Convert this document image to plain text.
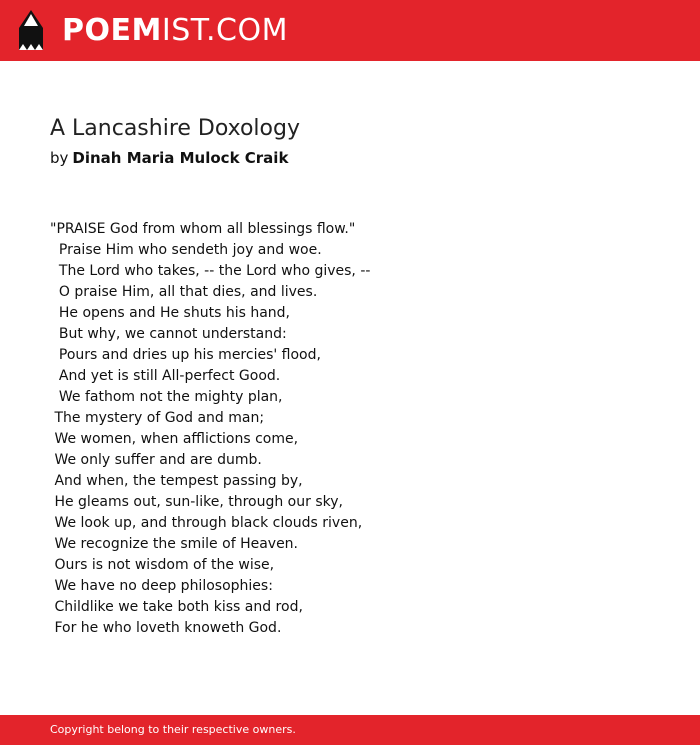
POEMIST.COM
A Lancashire Doxology
by Dinah Maria Mulock Craik
"PRAISE God from whom all blessings flow."
Praise Him who sendeth joy and woe.
The Lord who takes, -- the Lord who gives, --
O praise Him, all that dies, and lives.
He opens and He shuts his hand,
But why, we cannot understand:
Pours and dries up his mercies' flood,
And yet is still All-perfect Good.
We fathom not the mighty plan,
The mystery of God and man;
We women, when afflictions come,
We only suffer and are dumb.
And when, the tempest passing by,
He gleams out, sun-like, through our sky,
We look up, and through black clouds riven,
We recognize the smile of Heaven.
Ours is not wisdom of the wise,
We have no deep philosophies:
Childlike we take both kiss and rod,
For he who loveth knoweth God.
Copyright belong to their respective owners.
